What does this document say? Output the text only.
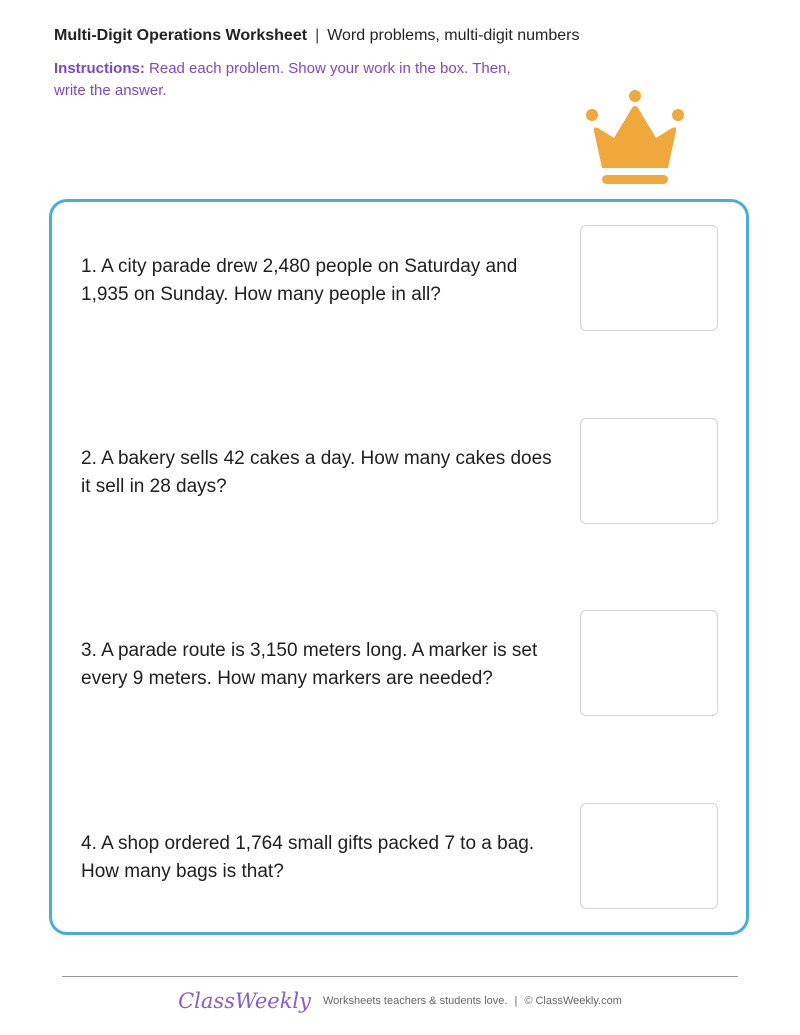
Multi-Digit Operations Worksheet | Word problems, multi-digit numbers
Instructions: Read each problem. Show your work in the box. Then, write the answer.
1. A city parade drew 2,480 people on Saturday and 1,935 on Sunday. How many people in all?
2. A bakery sells 42 cakes a day. How many cakes does it sell in 28 days?
3. A parade route is 3,150 meters long. A marker is set every 9 meters. How many markers are needed?
4. A shop ordered 1,764 small gifts packed 7 to a bag. How many bags is that?
ClassWeekly Worksheets teachers & students love. | © ClassWeekly.com
